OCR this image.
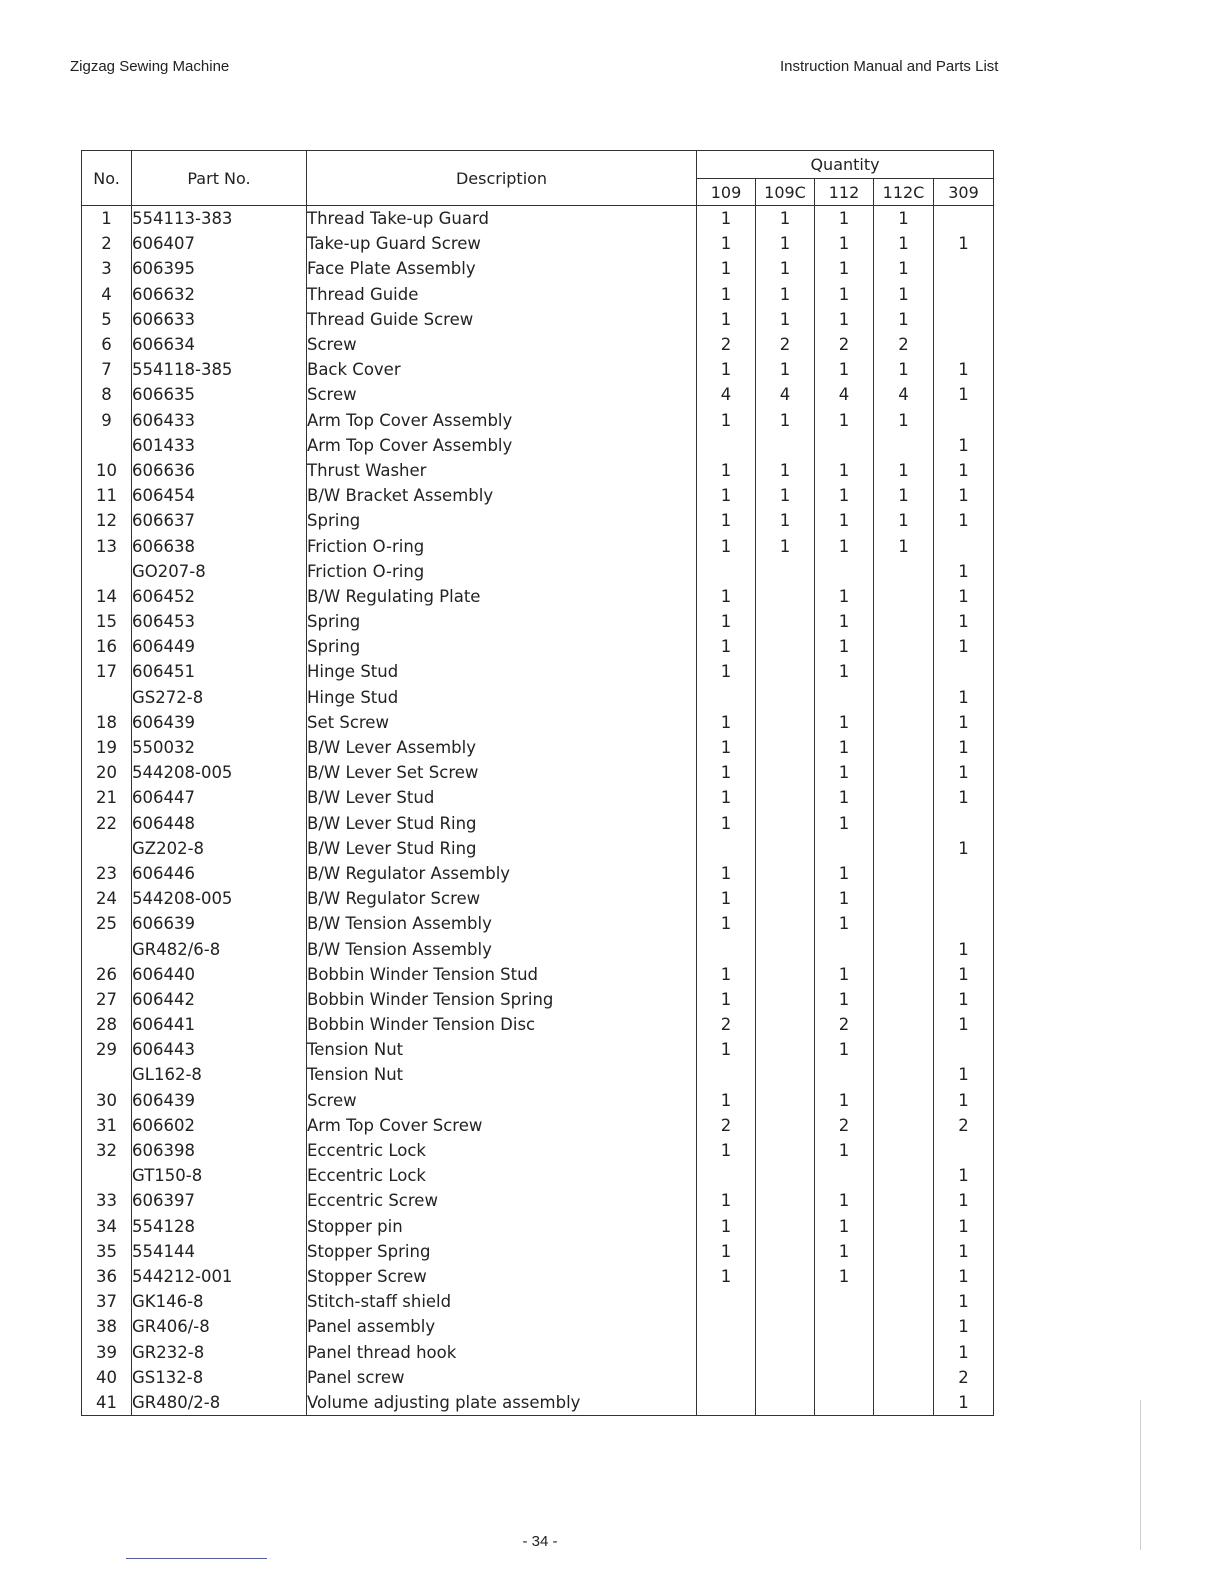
Zigzag Sewing Machine	Instruction Manual and Parts List
No.	Part No.	Description	Quantity				
			109	109C	112	112C	309
1	554113-383	Thread Take-up Guard	1	1	1	1	
2	606407	Take-up Guard Screw	1	1	1	1	1
3	606395	Face Plate Assembly	1	1	1	1	
4	606632	Thread Guide	1	1	1	1	
5	606633	Thread Guide Screw	1	1	1	1	
6	606634	Screw	2	2	2	2	
7	554118-385	Back Cover	1	1	1	1	1
8	606635	Screw	4	4	4	4	1
9	606433	Arm Top Cover Assembly	1	1	1	1	
	601433	Arm Top Cover Assembly					1
10	606636	Thrust Washer	1	1	1	1	1
11	606454	B/W Bracket Assembly	1	1	1	1	1
12	606637	Spring	1	1	1	1	1
13	606638	Friction O-ring	1	1	1	1	
	GO207-8	Friction O-ring					1
14	606452	B/W Regulating Plate	1		1		1
15	606453	Spring	1		1		1
16	606449	Spring	1		1		1
17	606451	Hinge Stud	1		1		
	GS272-8	Hinge Stud					1
18	606439	Set Screw	1		1		1
19	550032	B/W Lever Assembly	1		1		1
20	544208-005	B/W Lever Set Screw	1		1		1
21	606447	B/W Lever Stud	1		1		1
22	606448	B/W Lever Stud Ring	1		1		
	GZ202-8	B/W Lever Stud Ring					1
23	606446	B/W Regulator Assembly	1		1		
24	544208-005	B/W Regulator Screw	1		1		
25	606639	B/W Tension Assembly	1		1		
	GR482/6-8	B/W Tension Assembly					1
26	606440	Bobbin Winder Tension Stud	1		1		1
27	606442	Bobbin Winder Tension Spring	1		1		1
28	606441	Bobbin Winder Tension Disc	2		2		1
29	606443	Tension Nut	1		1		
	GL162-8	Tension Nut					1
30	606439	Screw	1		1		1
31	606602	Arm Top Cover Screw	2		2		2
32	606398	Eccentric Lock	1		1		
	GT150-8	Eccentric Lock					1
33	606397	Eccentric Screw	1		1		1
34	554128	Stopper pin	1		1		1
35	554144	Stopper Spring	1		1		1
36	544212-001	Stopper Screw	1		1		1
37	GK146-8	Stitch-staff shield					1
38	GR406/-8	Panel assembly					1
39	GR232-8	Panel thread hook					1
40	GS132-8	Panel screw					2
41	GR480/2-8	Volume adjusting plate assembly					1
- 34 -
